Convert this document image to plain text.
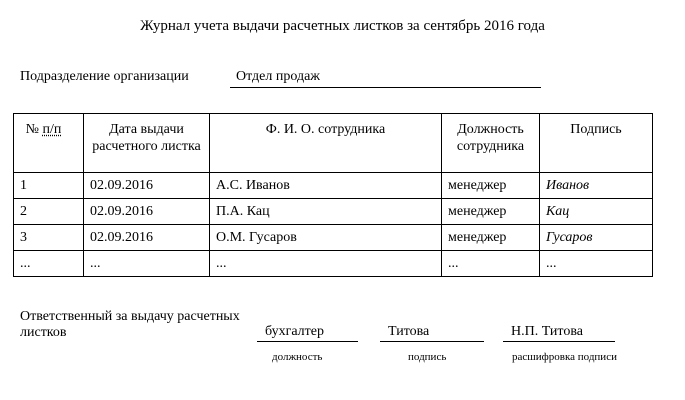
Журнал учета выдачи расчетных листков за сентябрь 2016 года
Подразделение организации	Отдел продаж
№ п/п	Дата выдачи расчетного листка	Ф. И. О. сотрудника	Должность сотрудника	Подпись
1	02.09.2016	А.С. Иванов	менеджер	Иванов
2	02.09.2016	П.А. Кац	менеджер	Кац
3	02.09.2016	О.М. Гусаров	менеджер	Гусаров
...	...	...	...	...
Ответственный за выдачу расчетных листков	бухгалтер
должность
Титова
подпись
Н.П. Титова
расшифровка подписи
